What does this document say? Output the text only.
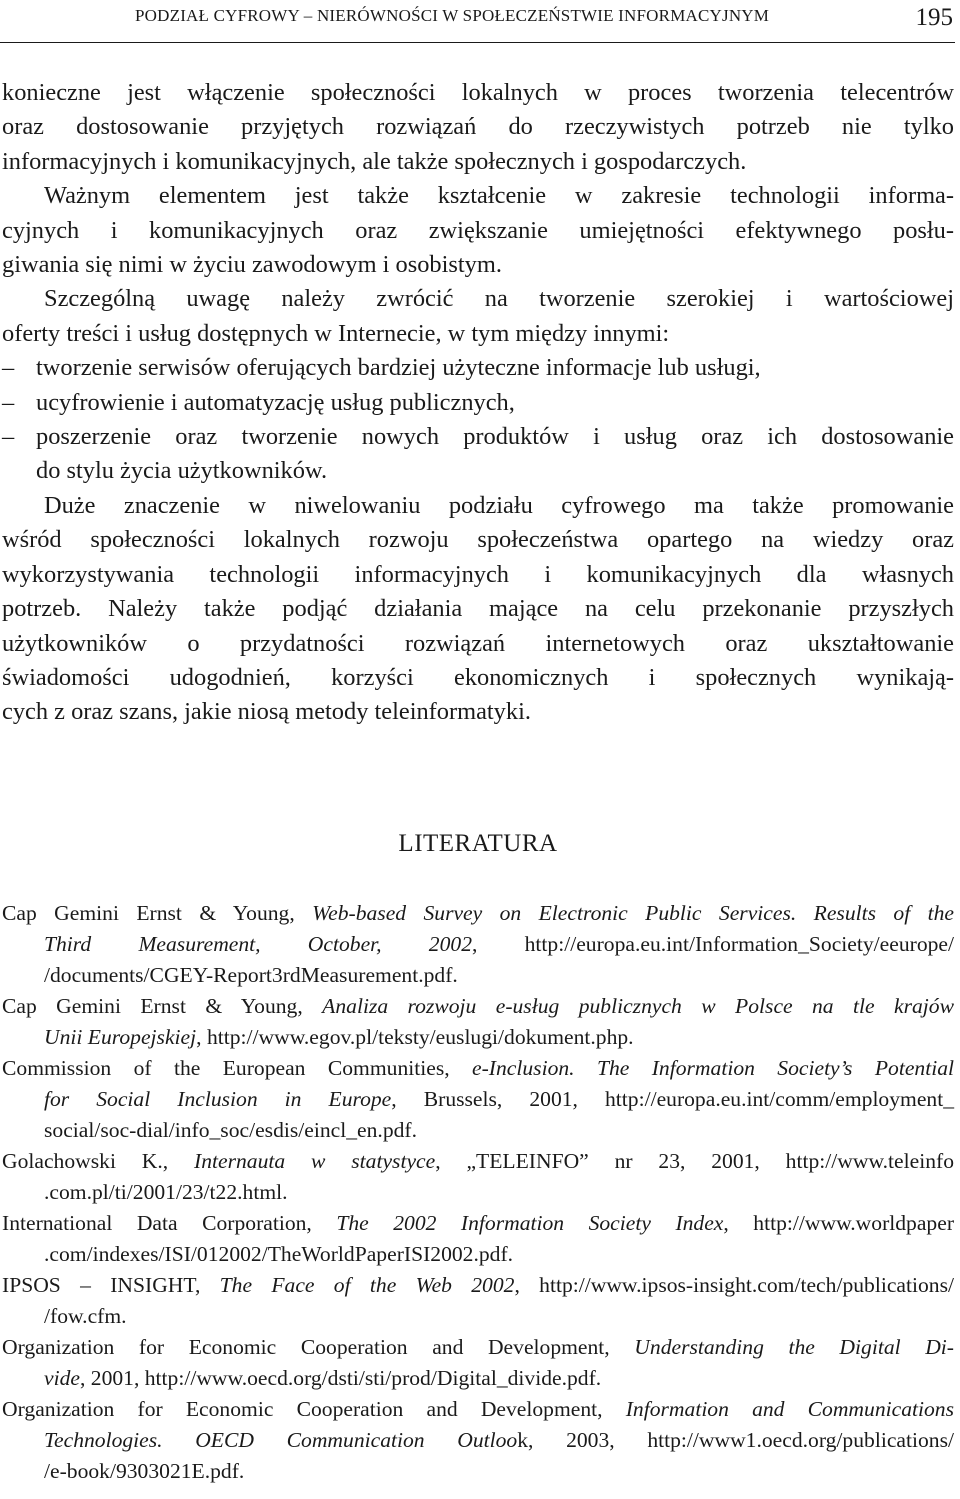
PODZIAŁ CYFROWY – NIERÓWNOŚCI W SPOŁECZEŃSTWIE INFORMACYJNYM	195

konieczne jest włączenie społeczności lokalnych w proces tworzenia telecentrów
oraz dostosowanie przyjętych rozwiązań do rzeczywistych potrzeb nie tylko
informacyjnych i komunikacyjnych, ale także społecznych i gospodarczych.

Ważnym elementem jest także kształcenie w zakresie technologii informa-
cyjnych i komunikacyjnych oraz zwiększanie umiejętności efektywnego posłu-
giwania się nimi w życiu zawodowym i osobistym.

Szczególną uwagę należy zwrócić na tworzenie szerokiej i wartościowej
oferty treści i usług dostępnych w Internecie, w tym między innymi:

– tworzenie serwisów oferujących bardziej użyteczne informacje lub usługi,
– ucyfrowienie i automatyzację usług publicznych,
– poszerzenie oraz tworzenie nowych produktów i usług oraz ich dostosowanie
do stylu życia użytkowników.

Duże znaczenie w niwelowaniu podziału cyfrowego ma także promowanie
wśród społeczności lokalnych rozwoju społeczeństwa opartego na wiedzy oraz
wykorzystywania technologii informacyjnych i komunikacyjnych dla własnych
potrzeb. Należy także podjąć działania mające na celu przekonanie przyszłych
użytkowników o przydatności rozwiązań internetowych oraz ukształtowanie
świadomości udogodnień, korzyści ekonomicznych i społecznych wynikają-
cych z oraz szans, jakie niosą metody teleinformatyki.

LITERATURA
Cap Gemini Ernst & Young, Web-based Survey on Electronic Public Services. Results of the
Third Measurement, October, 2002, http://europa.eu.int/Information_Society/eeurope/
/documents/CGEY-Report3rdMeasurement.pdf.
Cap Gemini Ernst & Young, Analiza rozwoju e-usług publicznych w Polsce na tle krajów
Unii Europejskiej, http://www.egov.pl/teksty/euslugi/dokument.php.
Commission of the European Communities, e-Inclusion. The Information Society’s Potential
for Social Inclusion in Europe, Brussels, 2001, http://europa.eu.int/comm/employment_
social/soc-dial/info_soc/esdis/eincl_en.pdf.
Golachowski K., Internauta w statystyce, „TELEINFO” nr 23, 2001, http://www.teleinfo
.com.pl/ti/2001/23/t22.html.
International Data Corporation, The 2002 Information Society Index, http://www.worldpaper
.com/indexes/ISI/012002/TheWorldPaperISI2002.pdf.
IPSOS – INSIGHT, The Face of the Web 2002, http://www.ipsos-insight.com/tech/publications/
/fow.cfm.
Organization for Economic Cooperation and Development, Understanding the Digital Di-
vide, 2001, http://www.oecd.org/dsti/sti/prod/Digital_divide.pdf.
Organization for Economic Cooperation and Development, Information and Communications
Technologies. OECD Communication Outlook, 2003, http://www1.oecd.org/publications/
/e-book/9303021E.pdf.
